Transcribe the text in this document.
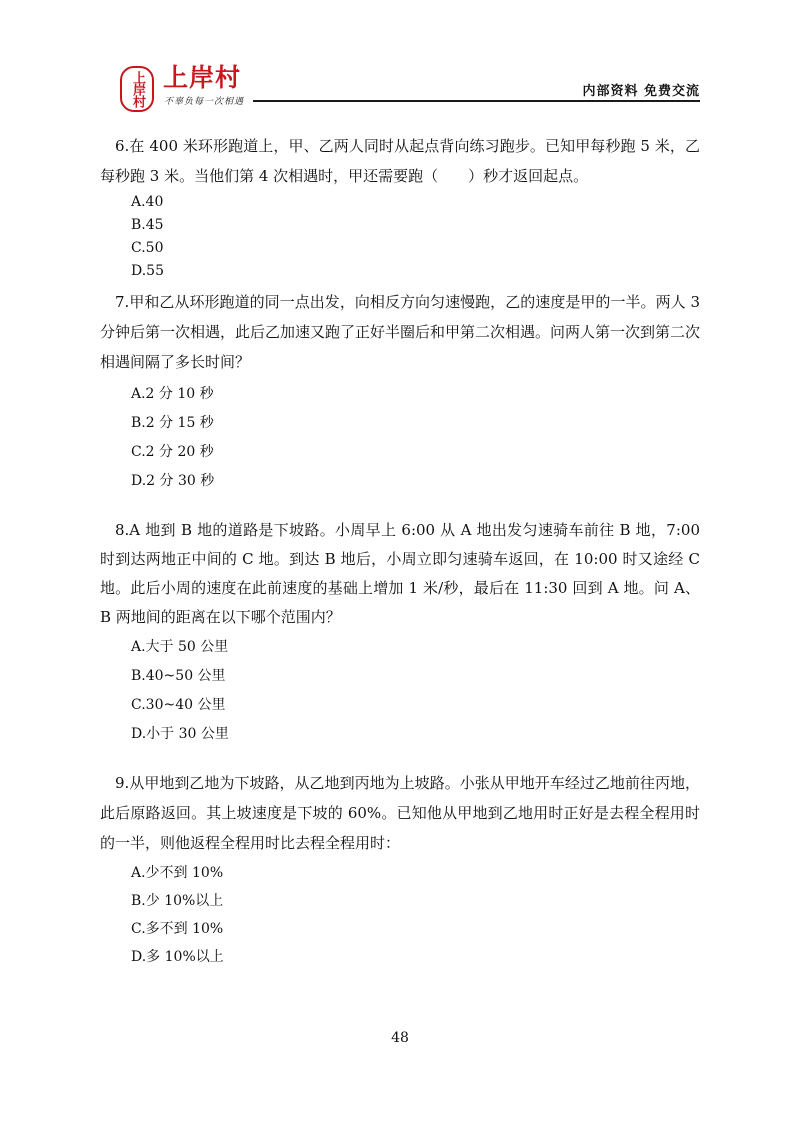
上岸村 上岸村
不辜负每一次相遇
内部资料 免费交流

6.在 400 米环形跑道上，甲、乙两人同时从起点背向练习跑步。已知甲每秒跑 5 米，乙每秒跑 3 米。当他们第 4 次相遇时，甲还需要跑（　　）秒才返回起点。

A.40
B.45
C.50
D.55

7.甲和乙从环形跑道的同一点出发，向相反方向匀速慢跑，乙的速度是甲的一半。两人 3 分钟后第一次相遇，此后乙加速又跑了正好半圈后和甲第二次相遇。问两人第一次到第二次相遇间隔了多长时间？

A.2 分 10 秒
B.2 分 15 秒
C.2 分 20 秒
D.2 分 30 秒

8.A 地到 B 地的道路是下坡路。小周早上 6:00 从 A 地出发匀速骑车前往 B 地，7:00 时到达两地正中间的 C 地。到达 B 地后，小周立即匀速骑车返回，在 10:00 时又途经 C 地。此后小周的速度在此前速度的基础上增加 1 米/秒，最后在 11:30 回到 A 地。问 A、B 两地间的距离在以下哪个范围内？

A.大于 50 公里
B.40~50 公里
C.30~40 公里
D.小于 30 公里

9.从甲地到乙地为下坡路，从乙地到丙地为上坡路。小张从甲地开车经过乙地前往丙地，此后原路返回。其上坡速度是下坡的 60%。已知他从甲地到乙地用时正好是去程全程用时的一半，则他返程全程用时比去程全程用时：

A.少不到 10%
B.少 10%以上
C.多不到 10%
D.多 10%以上
48
